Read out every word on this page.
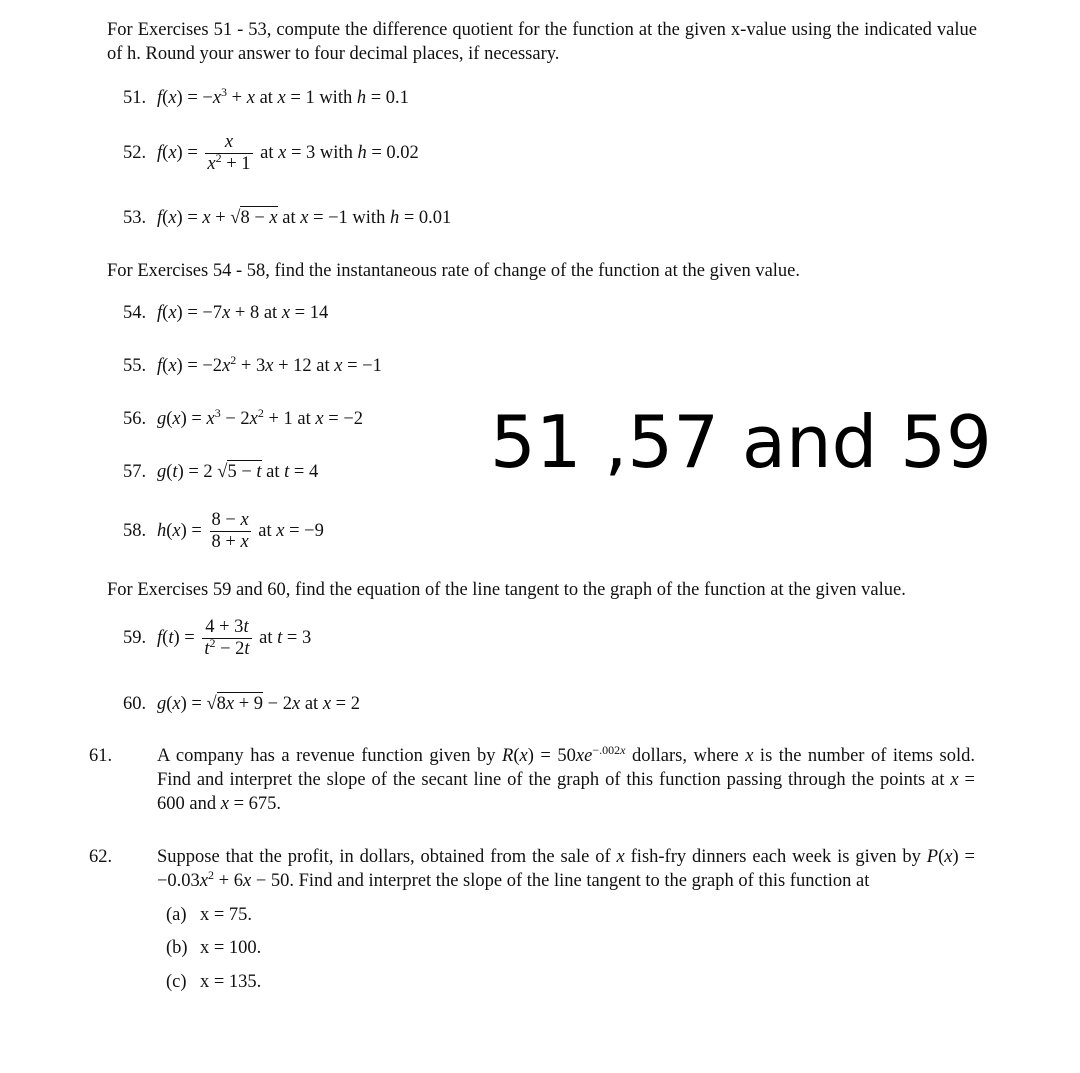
For Exercises 51 - 53, compute the difference quotient for the function at the given x-value using the indicated value of h. Round your answer to four decimal places, if necessary.
51. $f(x) = -x^3 + x$ at x = 1 with h = 0.1
52. $f(x) = \frac{x}{x^2 + 1}$ at x = 3 with h = 0.02
53. f(x) = x + √8 − x at x = −1 with h = 0.01
For Exercises 54 - 58, find the instantaneous rate of change of the function at the given value.
54. f(x) = −7x + 8 at x = 14
55. $f(x) = -2x^2 + 3x + 12$ at x = −1
56. $g(x) = x^3 - 2x^2 + 1$ at x = −2
57. g(t) = 2 √5 − t at t = 4
58. $h(x) = \frac{8 - x}{8 + x}$ at x = −9
51 ,57 and 59
For Exercises 59 and 60, find the equation of the line tangent to the graph of the function at the given value.
59. $f(t) = \frac{4 + 3t}{t^2 - 2t}$ at t = 3
60. g(x) = √8x + 9 − 2x at x = 2
61. A company has a revenue function given by $R(x) = 50xe^{-.002x}$ dollars, where x is the number of items sold. Find and interpret the slope of the secant line of the graph of this function passing through the points at x = 600 and x = 675.
62. Suppose that the profit, in dollars, obtained from the sale of x fish-fry dinners each week is given by $P(x) = -0.03x^2 + 6x - 50$. Find and interpret the slope of the line tangent to the graph of this function at
(a) x = 75.
(b) x = 100.
(c) x = 135.
